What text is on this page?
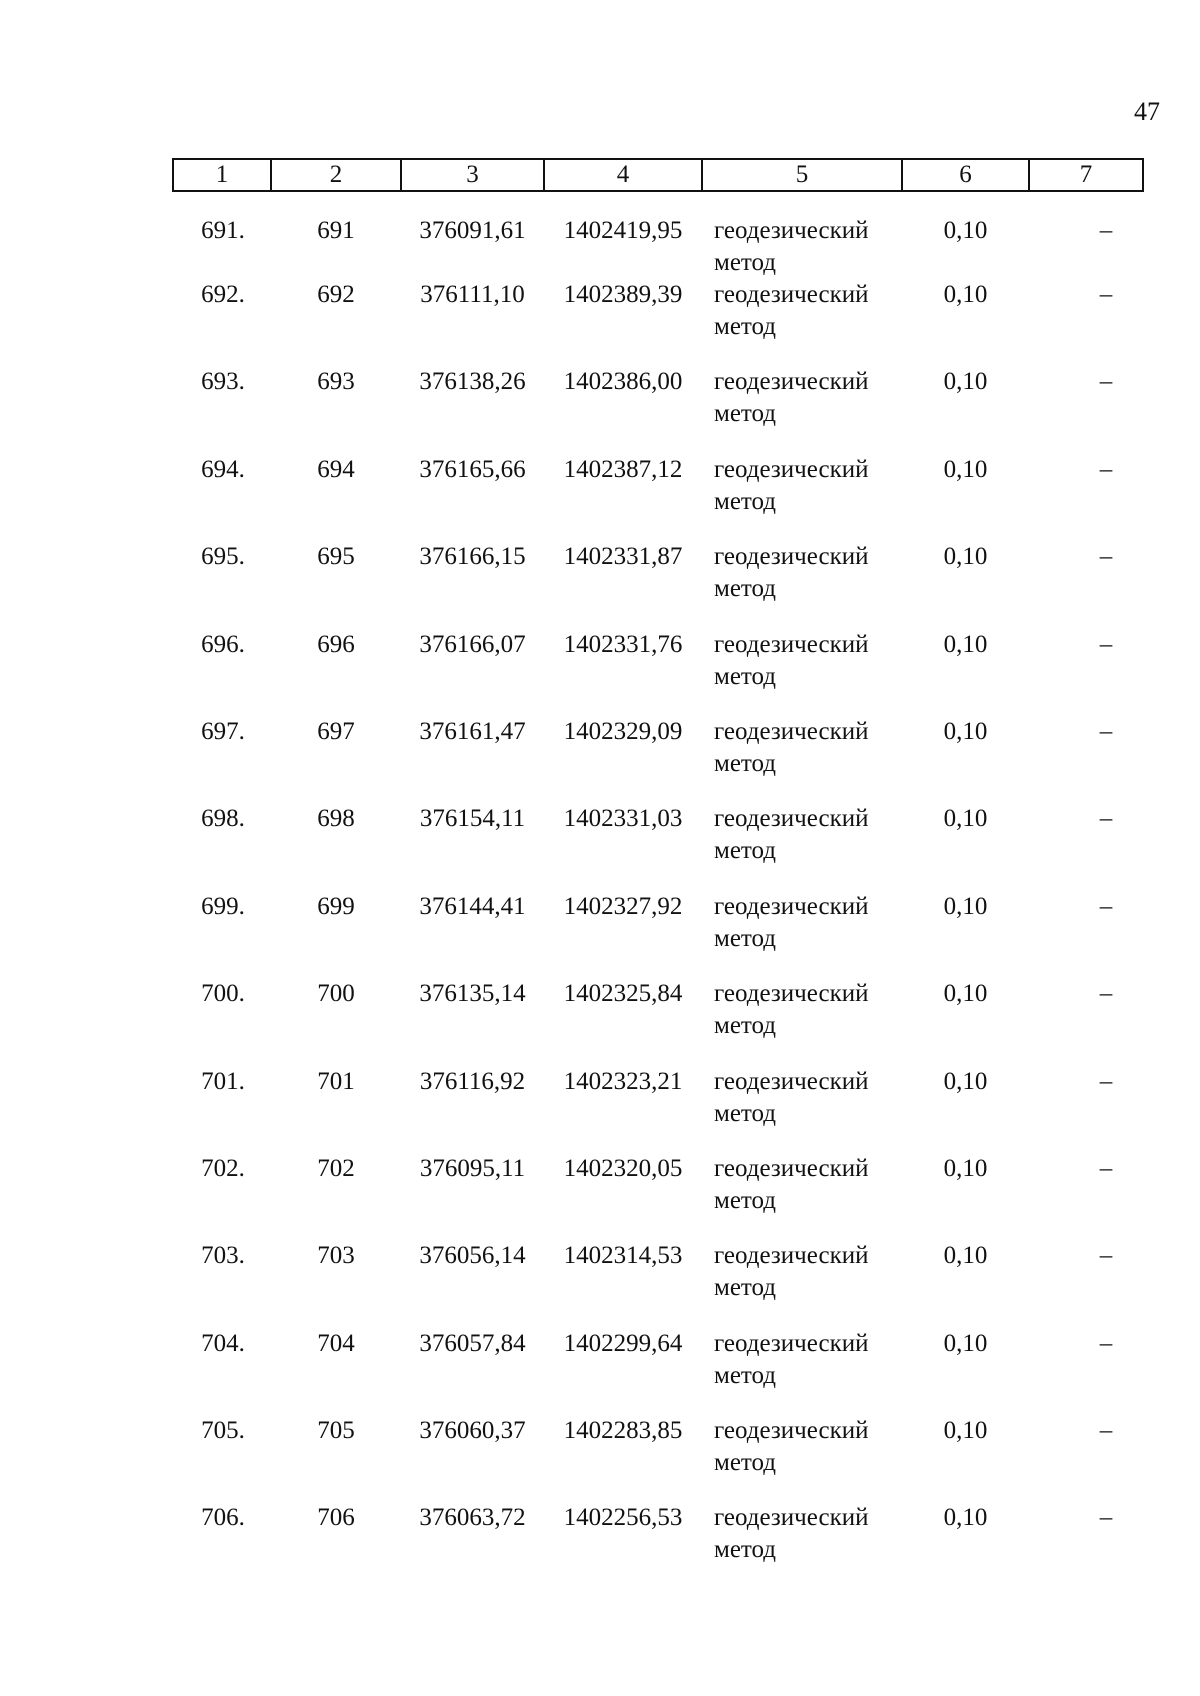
47
1	2	3	4	5	6	7
691.	691	376091,61	1402419,95	геодезический метод	0,10	–
692.	692	376111,10	1402389,39	геодезический метод	0,10	–
693.	693	376138,26	1402386,00	геодезический метод	0,10	–
694.	694	376165,66	1402387,12	геодезический метод	0,10	–
695.	695	376166,15	1402331,87	геодезический метод	0,10	–
696.	696	376166,07	1402331,76	геодезический метод	0,10	–
697.	697	376161,47	1402329,09	геодезический метод	0,10	–
698.	698	376154,11	1402331,03	геодезический метод	0,10	–
699.	699	376144,41	1402327,92	геодезический метод	0,10	–
700.	700	376135,14	1402325,84	геодезический метод	0,10	–
701.	701	376116,92	1402323,21	геодезический метод	0,10	–
702.	702	376095,11	1402320,05	геодезический метод	0,10	–
703.	703	376056,14	1402314,53	геодезический метод	0,10	–
704.	704	376057,84	1402299,64	геодезический метод	0,10	–
705.	705	376060,37	1402283,85	геодезический метод	0,10	–
706.	706	376063,72	1402256,53	геодезический метод	0,10	–
